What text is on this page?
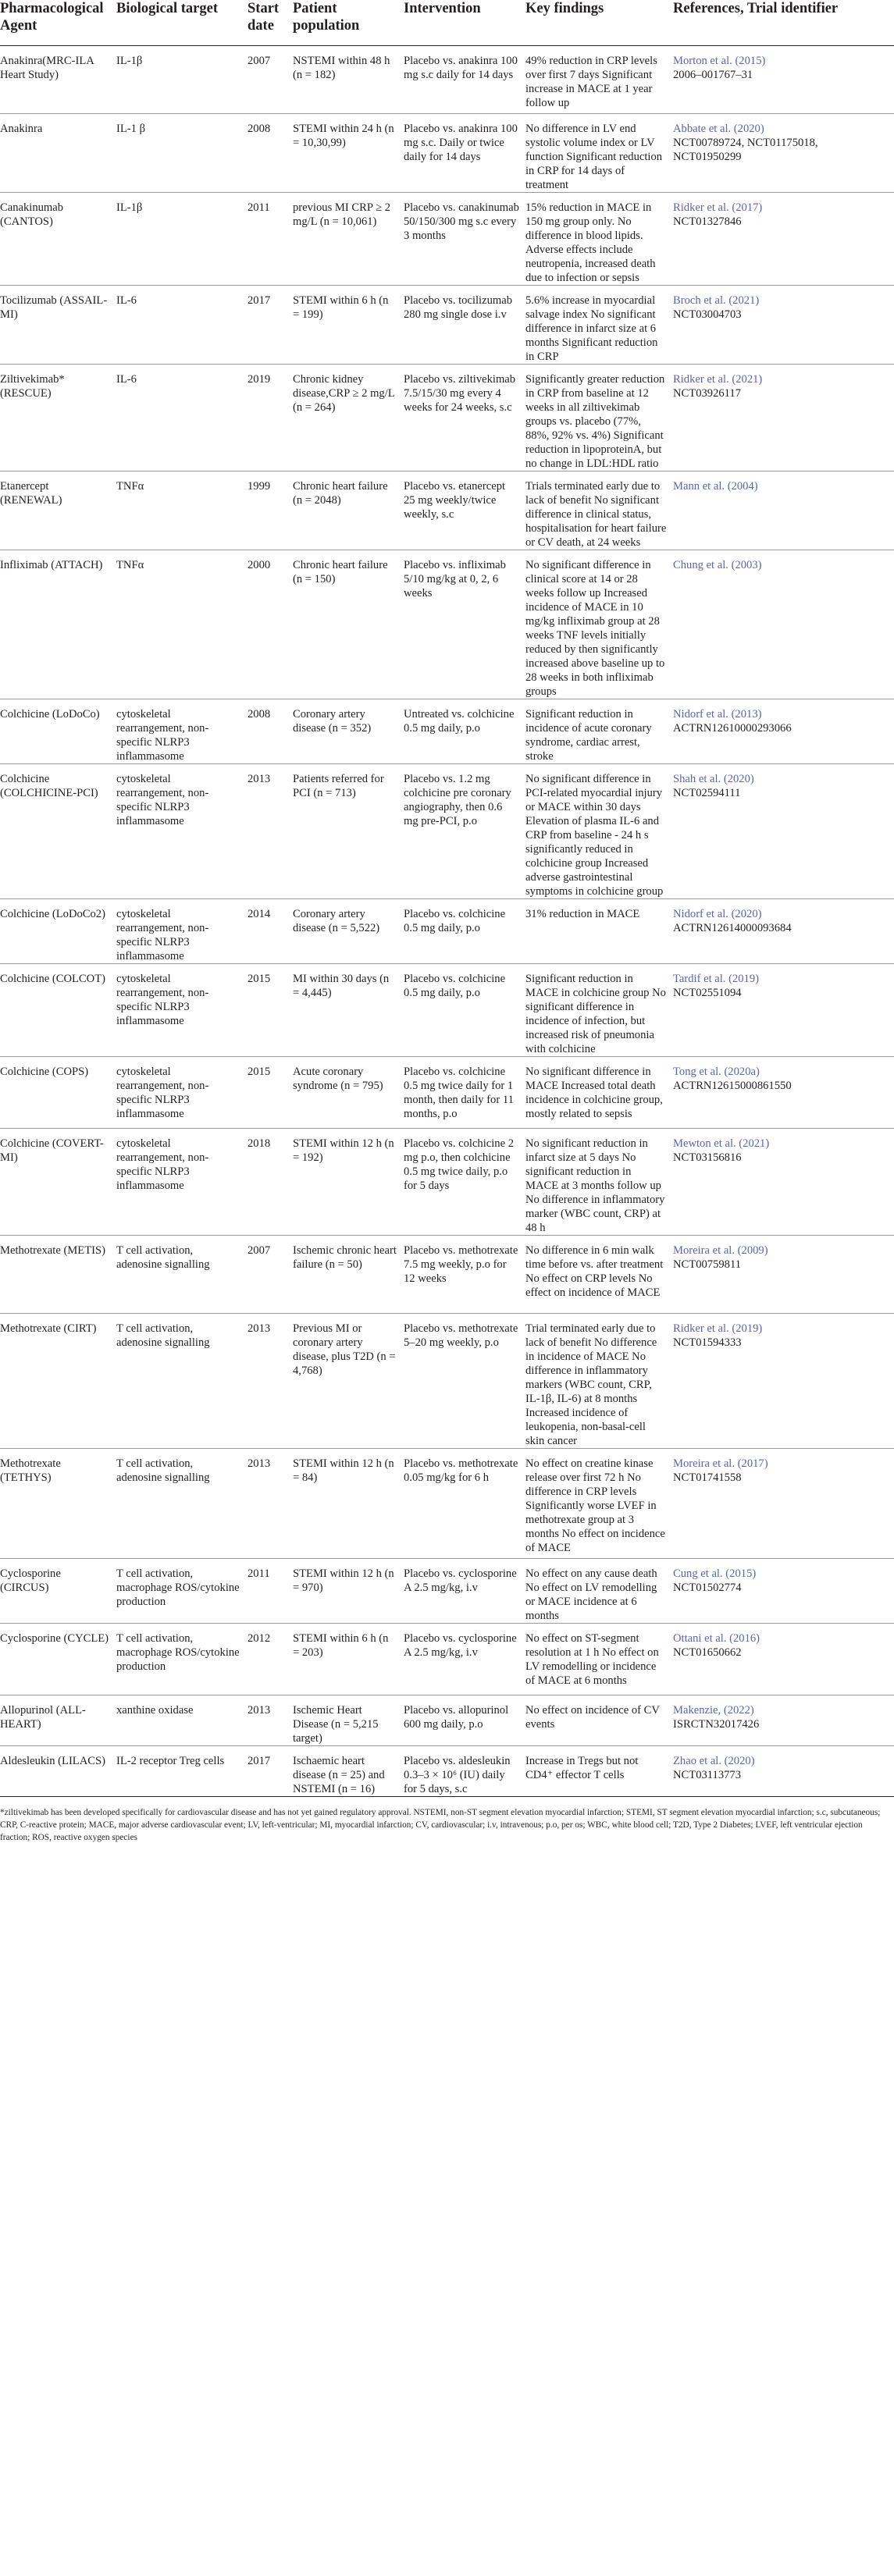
Pharmacological Agent	Biological target	Start date	Patient population	Intervention	Key findings	References, Trial identifier
Anakinra(MRC-ILA Heart Study)	IL-1β	2007	NSTEMI within 48 h (n = 182)	Placebo vs. anakinra 100 mg s.c daily for 14 days	49% reduction in CRP levels over first 7 days Significant increase in MACE at 1 year follow up	Morton et al. (2015)
2006–001767–31

Anakinra	IL-1 β	2008	STEMI within 24 h (n = 10,30,99)	Placebo vs. anakinra 100 mg s.c. Daily or twice daily for 14 days	No difference in LV end systolic volume index or LV function Significant reduction in CRP for 14 days of treatment	Abbate et al. (2020)
NCT00789724, NCT01175018, NCT01950299

Canakinumab (CANTOS)	IL-1β	2011	previous MI CRP ≥ 2 mg/L (n = 10,061)	Placebo vs. canakinumab 50/150/300 mg s.c every 3 months	15% reduction in MACE in 150 mg group only. No difference in blood lipids. Adverse effects include neutropenia, increased death due to infection or sepsis	Ridker et al. (2017)
NCT01327846

Tocilizumab (ASSAIL-MI)	IL-6	2017	STEMI within 6 h (n = 199)	Placebo vs. tocilizumab 280 mg single dose i.v	5.6% increase in myocardial salvage index No significant difference in infarct size at 6 months Significant reduction in CRP	Broch et al. (2021)
NCT03004703

Ziltivekimab* (RESCUE)	IL-6	2019	Chronic kidney disease,CRP ≥ 2 mg/L (n = 264)	Placebo vs. ziltivekimab 7.5/15/30 mg every 4 weeks for 24 weeks, s.c	Significantly greater reduction in CRP from baseline at 12 weeks in all ziltivekimab groups vs. placebo (77%, 88%, 92% vs. 4%) Significant reduction in lipoproteinA, but no change in LDL:HDL ratio	Ridker et al. (2021)
NCT03926117

Etanercept (RENEWAL)	TNFα	1999	Chronic heart failure (n = 2048)	Placebo vs. etanercept 25 mg weekly/twice weekly, s.c	Trials terminated early due to lack of benefit No significant difference in clinical status, hospitalisation for heart failure or CV death, at 24 weeks	Mann et al. (2004)

Infliximab (ATTACH)	TNFα	2000	Chronic heart failure (n = 150)	Placebo vs. infliximab 5/10 mg/kg at 0, 2, 6 weeks	No significant difference in clinical score at 14 or 28 weeks follow up Increased incidence of MACE in 10 mg/kg infliximab group at 28 weeks TNF levels initially reduced by then significantly increased above baseline up to 28 weeks in both infliximab groups	Chung et al. (2003)

Colchicine (LoDoCo)	cytoskeletal rearrangement, non-specific NLRP3 inflammasome	2008	Coronary artery disease (n = 352)	Untreated vs. colchicine 0.5 mg daily, p.o	Significant reduction in incidence of acute coronary syndrome, cardiac arrest, stroke	Nidorf et al. (2013)
ACTRN12610000293066

Colchicine (COLCHICINE-PCI)	cytoskeletal rearrangement, non-specific NLRP3 inflammasome	2013	Patients referred for PCI (n = 713)	Placebo vs. 1.2 mg colchicine pre coronary angiography, then 0.6 mg pre-PCI, p.o	No significant difference in PCI-related myocardial injury or MACE within 30 days Elevation of plasma IL-6 and CRP from baseline - 24 h s significantly reduced in colchicine group Increased adverse gastrointestinal symptoms in colchicine group	Shah et al. (2020)
NCT02594111

Colchicine (LoDoCo2)	cytoskeletal rearrangement, non-specific NLRP3 inflammasome	2014	Coronary artery disease (n = 5,522)	Placebo vs. colchicine 0.5 mg daily, p.o	31% reduction in MACE	Nidorf et al. (2020)
ACTRN12614000093684

Colchicine (COLCOT)	cytoskeletal rearrangement, non-specific NLRP3 inflammasome	2015	MI within 30 days (n = 4,445)	Placebo vs. colchicine 0.5 mg daily, p.o	Significant reduction in MACE in colchicine group No significant difference in incidence of infection, but increased risk of pneumonia with colchicine	Tardif et al. (2019)
NCT02551094

Colchicine (COPS)	cytoskeletal rearrangement, non-specific NLRP3 inflammasome	2015	Acute coronary syndrome (n = 795)	Placebo vs. colchicine 0.5 mg twice daily for 1 month, then daily for 11 months, p.o	No significant difference in MACE Increased total death incidence in colchicine group, mostly related to sepsis	Tong et al. (2020a)
ACTRN12615000861550

Colchicine (COVERT-MI)	cytoskeletal rearrangement, non-specific NLRP3 inflammasome	2018	STEMI within 12 h (n = 192)	Placebo vs. colchicine 2 mg p.o, then colchicine 0.5 mg twice daily, p.o for 5 days	No significant reduction in infarct size at 5 days No significant reduction in MACE at 3 months follow up No difference in inflammatory marker (WBC count, CRP) at 48 h	Mewton et al. (2021)
NCT03156816

Methotrexate (METIS)	T cell activation, adenosine signalling	2007	Ischemic chronic heart failure (n = 50)	Placebo vs. methotrexate 7.5 mg weekly, p.o for 12 weeks	No difference in 6 min walk time before vs. after treatment No effect on CRP levels No effect on incidence of MACE	Moreira et al. (2009)
NCT00759811

Methotrexate (CIRT)	T cell activation, adenosine signalling	2013	Previous MI or coronary artery disease, plus T2D (n = 4,768)	Placebo vs. methotrexate 5–20 mg weekly, p.o	Trial terminated early due to lack of benefit No difference in incidence of MACE No difference in inflammatory markers (WBC count, CRP, IL-1β, IL-6) at 8 months Increased incidence of leukopenia, non-basal-cell skin cancer	Ridker et al. (2019)
NCT01594333

Methotrexate (TETHYS)	T cell activation, adenosine signalling	2013	STEMI within 12 h (n = 84)	Placebo vs. methotrexate 0.05 mg/kg for 6 h	No effect on creatine kinase release over first 72 h No difference in CRP levels Significantly worse LVEF in methotrexate group at 3 months No effect on incidence of MACE	Moreira et al. (2017)
NCT01741558

Cyclosporine (CIRCUS)	T cell activation, macrophage ROS/cytokine production	2011	STEMI within 12 h (n = 970)	Placebo vs. cyclosporine A 2.5 mg/kg, i.v	No effect on any cause death No effect on LV remodelling or MACE incidence at 6 months	Cung et al. (2015)
NCT01502774

Cyclosporine (CYCLE)	T cell activation, macrophage ROS/cytokine production	2012	STEMI within 6 h (n = 203)	Placebo vs. cyclosporine A 2.5 mg/kg, i.v	No effect on ST-segment resolution at 1 h No effect on LV remodelling or incidence of MACE at 6 months	Ottani et al. (2016)
NCT01650662

Allopurinol (ALL-HEART)	xanthine oxidase	2013	Ischemic Heart Disease (n = 5,215 target)	Placebo vs. allopurinol 600 mg daily, p.o	No effect on incidence of CV events	Makenzie, (2022)
ISRCTN32017426

Aldesleukin (LILACS)	IL-2 receptor Treg cells	2017	Ischaemic heart disease (n = 25) and NSTEMI (n = 16)	Placebo vs. aldesleukin 0.3–3 × 10⁶ (IU) daily for 5 days, s.c	Increase in Tregs but not CD4⁺ effector T cells	Zhao et al. (2020)
NCT03113773

*ziltivekimab has been developed specifically for cardiovascular disease and has not yet gained regulatory approval. NSTEMI, non-ST segment elevation myocardial infarction; STEMI, ST segment elevation myocardial infarction; s.c, subcutaneous; CRP, C-reactive protein; MACE, major adverse cardiovascular event; LV, left-ventricular; MI, myocardial infarction; CV, cardiovascular; i.v, intravenous; p.o, per os; WBC, white blood cell; T2D, Type 2 Diabetes; LVEF, left ventricular ejection fraction; ROS, reactive oxygen species
